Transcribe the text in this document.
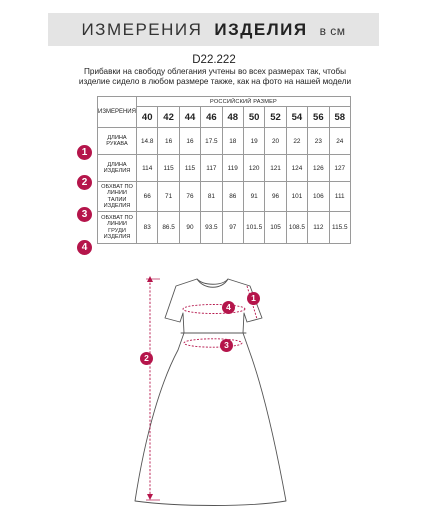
ИЗМЕРЕНИЯ ИЗДЕЛИЯ в см
D22.222
Прибавки на свободу облегания учтены во всех размерах так, чтобы изделие сидело в любом размере также, как на фото на нашей модели
ИЗМЕРЕНИЯ	РОССИЙСКИЙ РАЗМЕР									
	40	42	44	46	48	50	52	54	56	58
ДЛИНА РУКАВА	14.8	16	16	17.5	18	19	20	22	23	24
ДЛИНА ИЗДЕЛИЯ	114	115	115	117	119	120	121	124	126	127
ОБХВАТ ПО ЛИНИИ ТАЛИИ ИЗДЕЛИЯ	66	71	76	81	86	91	96	101	106	111
ОБХВАТ ПО ЛИНИИ ГРУДИ ИЗДЕЛИЯ	83	86.5	90	93.5	97	101.5	105	108.5	112	115.5
1
2
3
4
1
2
3
4
